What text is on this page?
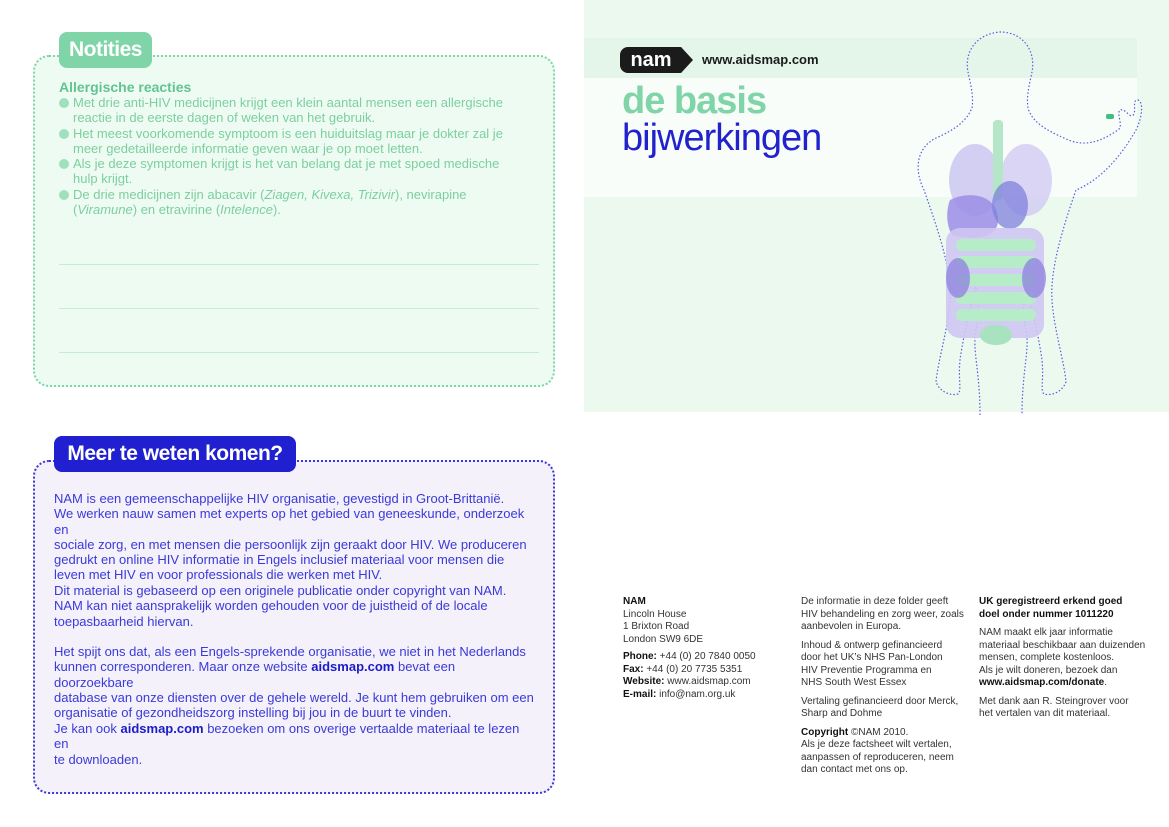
Notities
Allergische reacties

Met drie anti-HIV medicijnen krijgt een klein aantal mensen een allergische
reactie in de eerste dagen of weken van het gebruik.

Het meest voorkomende symptoom is een huiduitslag maar je dokter zal je
meer gedetailleerde informatie geven waar je op moet letten.

Als je deze symptomen krijgt is het van belang dat je met spoed medische
hulp krijgt.

De drie medicijnen zijn abacavir (Ziagen, Kivexa, Trizivir), nevirapine
(Viramune) en etravirine (Intelence).

Meer te weten komen?

NAM is een gemeenschappelijke HIV organisatie, gevestigd in Groot-Brittanië.
We werken nauw samen met experts op het gebied van geneeskunde, onderzoek en
sociale zorg, en met mensen die persoonlijk zijn geraakt door HIV. We produceren
gedrukt en online HIV informatie in Engels inclusief materiaal voor mensen die
leven met HIV en voor professionals die werken met HIV.

Dit material is gebaseerd op een originele publicatie onder copyright van NAM.
NAM kan niet aansprakelijk worden gehouden voor de juistheid of de locale
toepasbaarheid hiervan.

Het spijt ons dat, als een Engels-sprekende organisatie, we niet in het Nederlands
kunnen corresponderen. Maar onze website aidsmap.com bevat een doorzoekbare
database van onze diensten over de gehele wereld. Je kunt hem gebruiken om een
organisatie of gezondheidszorg instelling bij jou in de buurt te vinden.

Je kan ook aidsmap.com bezoeken om ons overige vertaalde materiaal te lezen en
te downloaden.

nam	www.aidsmap.com
de basis
bijwerkingen

NAM

Lincoln House
1 Brixton Road
London SW9 6DE

Phone: +44 (0) 20 7840 0050
Fax: +44 (0) 20 7735 5351
Website: www.aidsmap.com
E-mail: info@nam.org.uk

De informatie in deze folder geeft
HIV behandeling en zorg weer, zoals
aanbevolen in Europa.

Inhoud & ontwerp gefinancieerd
door het UK’s NHS Pan-London
HIV Preventie Programma en
NHS South West Essex

Vertaling gefinancieerd door Merck,
Sharp and Dohme

Copyright ©NAM 2010.
Als je deze factsheet wilt vertalen,
aanpassen of reproduceren, neem
dan contact met ons op.

UK geregistreerd erkend goed
doel onder nummer 1011220

NAM maakt elk jaar informatie
materiaal beschikbaar aan duizenden
mensen, complete kostenloos.
Als je wilt doneren, bezoek dan
www.aidsmap.com/donate.

Met dank aan R. Steingrover voor
het vertalen van dit materiaal.
